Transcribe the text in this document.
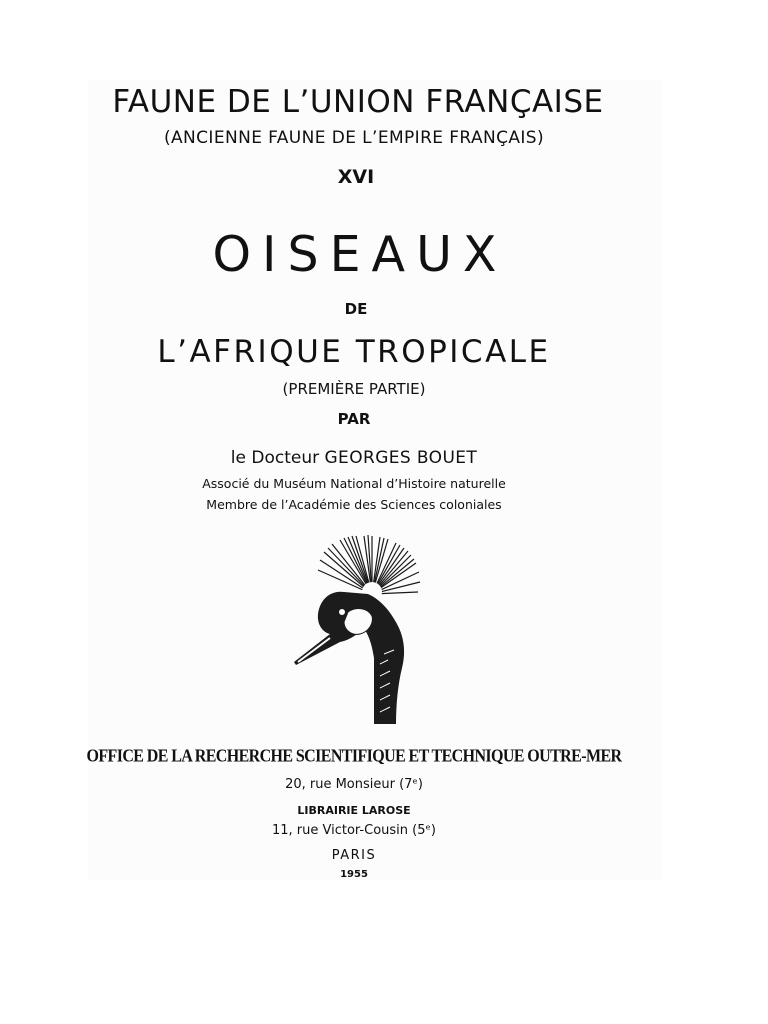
FAUNE DE L’UNION FRANÇAISE
(ANCIENNE FAUNE DE L’EMPIRE FRANÇAIS)
XVI
OISEAUX
DE
L’AFRIQUE TROPICALE
(PREMIÈRE PARTIE)
PAR
le Docteur GEORGES BOUET
Associé du Muséum National d’Histoire naturelle
Membre de l’Académie des Sciences coloniales
OFFICE DE LA RECHERCHE SCIENTIFIQUE ET TECHNIQUE OUTRE-MER
20, rue Monsieur (7ᵉ)
LIBRAIRIE LAROSE
11, rue Victor-Cousin (5ᵉ)
PARIS
1955
